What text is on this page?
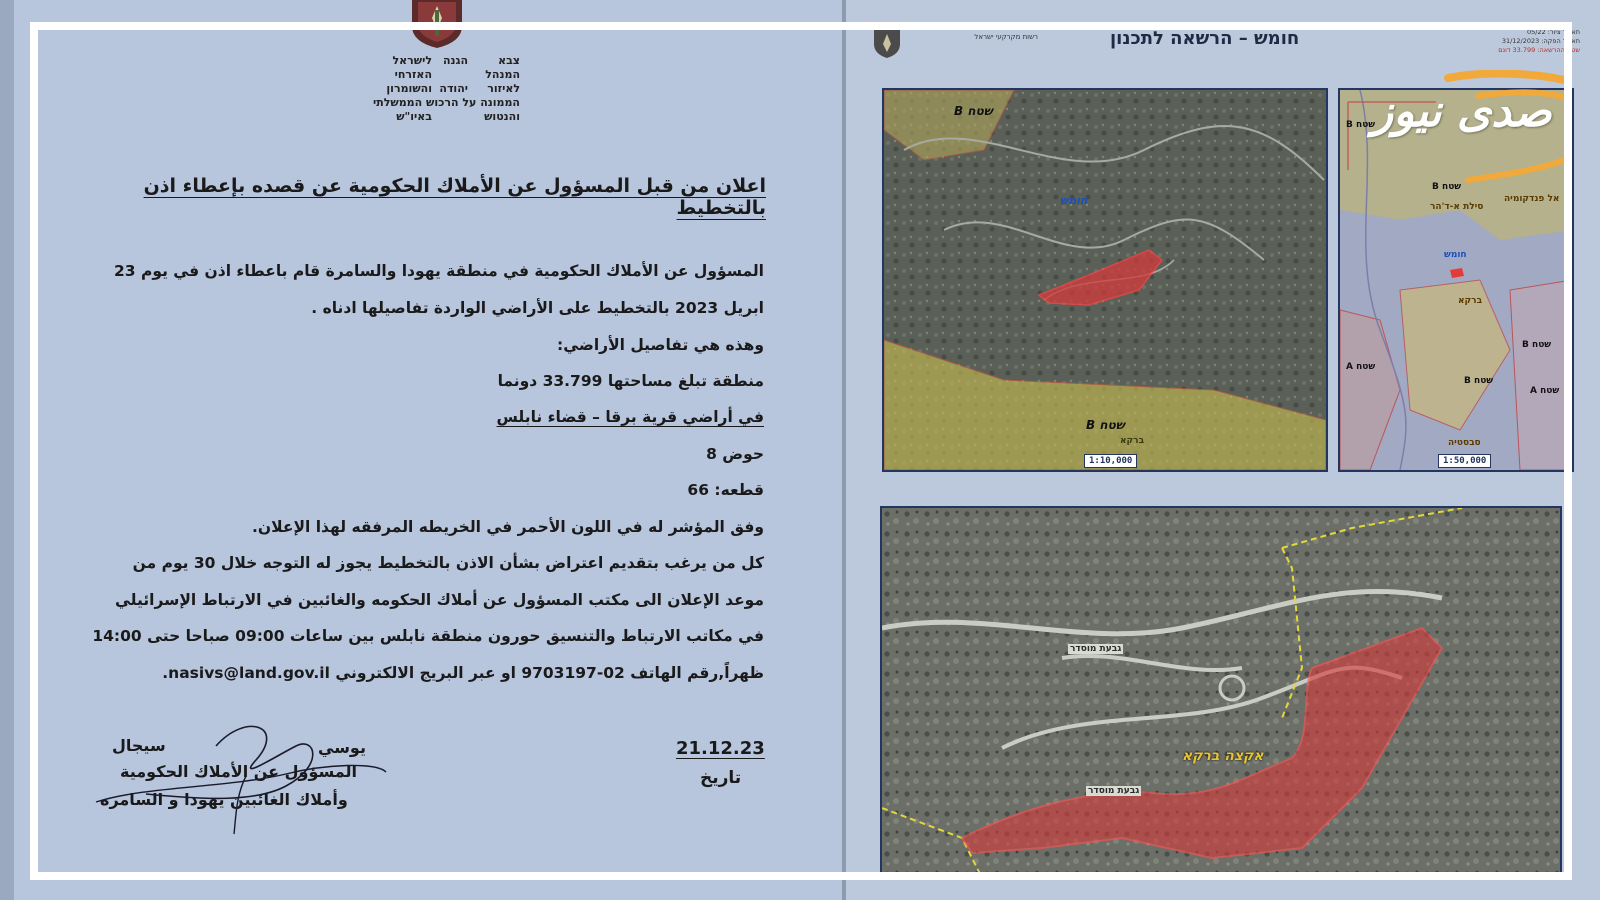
צבא
המנהל
לאיזור
הממונה על הרכוש הממשלתי
והנטוש
הגנה

יהודה
לישראל
האזרחי
והשומרון

באיו"ש
اعلان من قبل المسؤول عن الأملاك الحكومية عن قصده بإعطاء اذن بالتخطيط
المسؤول عن الأملاك الحكومية في منطقة يهودا والسامرة قام باعطاء اذن في يوم 23
ابريل 2023 بالتخطيط على الأراضي الواردة تفاصيلها ادناه .
وهذه هي تفاصيل الأراضي:
منطقة تبلغ مساحتها 33.799 دونما
في أراضي قرية برقا – قضاء نابلس
حوض 8
قطعه: 66
وفق المؤشر له في اللون الأحمر في الخريطه المرفقه لهذا الإعلان.
كل من يرغب بتقديم اعتراض بشأن الاذن بالتخطيط يجوز له التوجه خلال 30 يوم من
موعد الإعلان الى مكتب المسؤول عن أملاك الحكومه والغائبين في الارتباط الإسرائيلي
في مكاتب الارتباط والتنسيق حورون منطقة نابلس بين ساعات 09:00 صباحا حتى 14:00
ظهراً,رقم الهاتف 02-9703197 او عبر البريج الالكتروني nasivs@land.gov.il.
21.12.23
تاريخ
يوسي
سيجال
المسؤول عن الأملاك الحكومية
وأملاك الغائبين يهودا و السامره
רשות מקרקעי ישראל	חומש – הרשאה לתכנון	תאריך ציור: 05/22
תאריך הפקה: 31/12/2023
שטח ההרשאה: 33.799 דונם
שטח B
חומש
שטח B
ברקא
1:10,000
שטח B
שטח B
סילת א-ד'הר
אל פנדקומיה
חומש
ברקא
שטח A
שטח B
שטח A
סבסטיה
שטח B
1:50,000
גבעת מוסדר
גבעת מוסדר
אקצה ברקא
صدى نيوز
